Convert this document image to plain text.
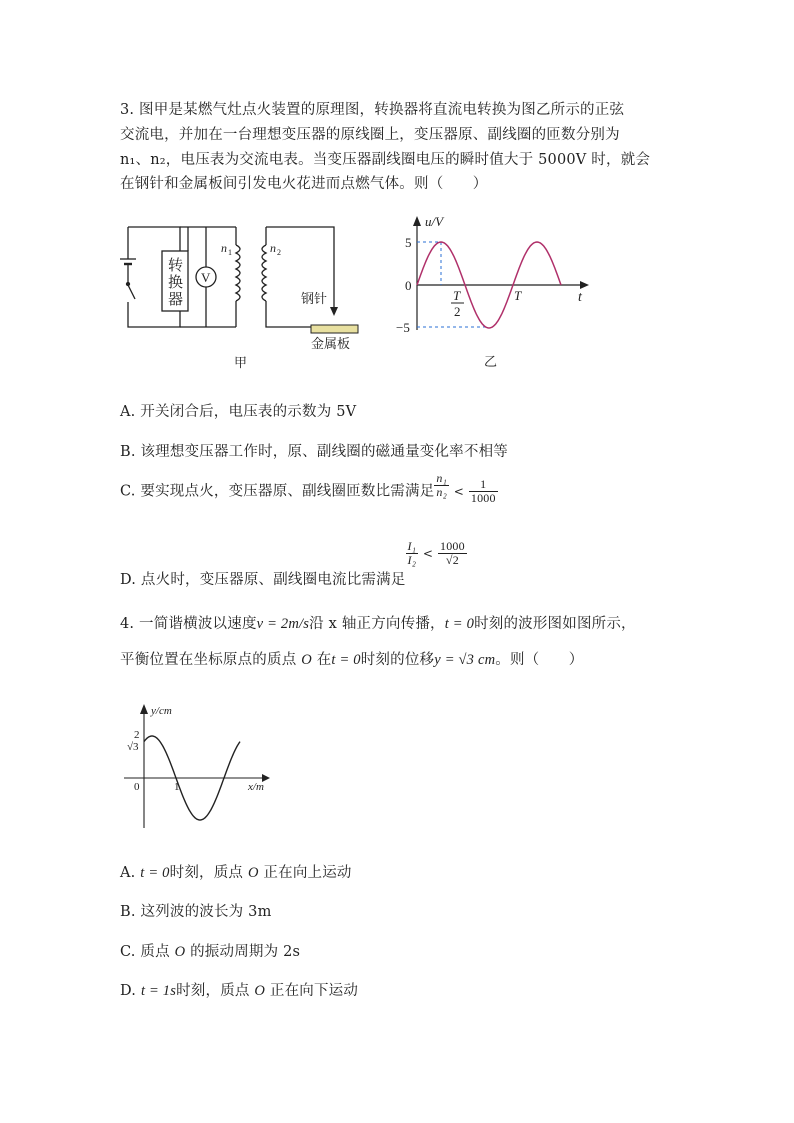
3. 图甲是某燃气灶点火装置的原理图，转换器将直流电转换为图乙所示的正弦
交流电，并加在一台理想变压器的原线圈上，变压器原、副线圈的匝数分别为
n₁、n₂，电压表为交流电表。当变压器副线圈电压的瞬时值大于 5000V 时，就会
在钢针和金属板间引发电火花进而点燃气体。则（　　）
转
换
器
V
n 1	n 2
钢针
金属板
甲
u/V
5
0
−5
T
2
T	t
乙
A. 开关闭合后，电压表的示数为 5V
B. 该理想变压器工作时，原、副线圈的磁通量变化率不相等
C. 要实现点火，变压器原、副线圈匝数比需满足 $\frac{\text{n₁}}{\text{n₂}} < \frac{1}{1000}$
D. 点火时，变压器原、副线圈电流比需满足
$\frac{\text{I₁}}{\text{I₂}} < \frac{1000}{√2}$
4. 一简谐横波以速度v = 2m/s沿 x 轴正方向传播，t = 0时刻的波形图如图所示，
平衡位置在坐标原点的质点 O 在t = 0时刻的位移y = √3 cm。则（　　）
y/cm
2
√3
0	1	x/m
A. t = 0时刻，质点 O 正在向上运动
B. 这列波的波长为 3m
C. 质点 O 的振动周期为 2s
D. t = 1s时刻，质点 O 正在向下运动
